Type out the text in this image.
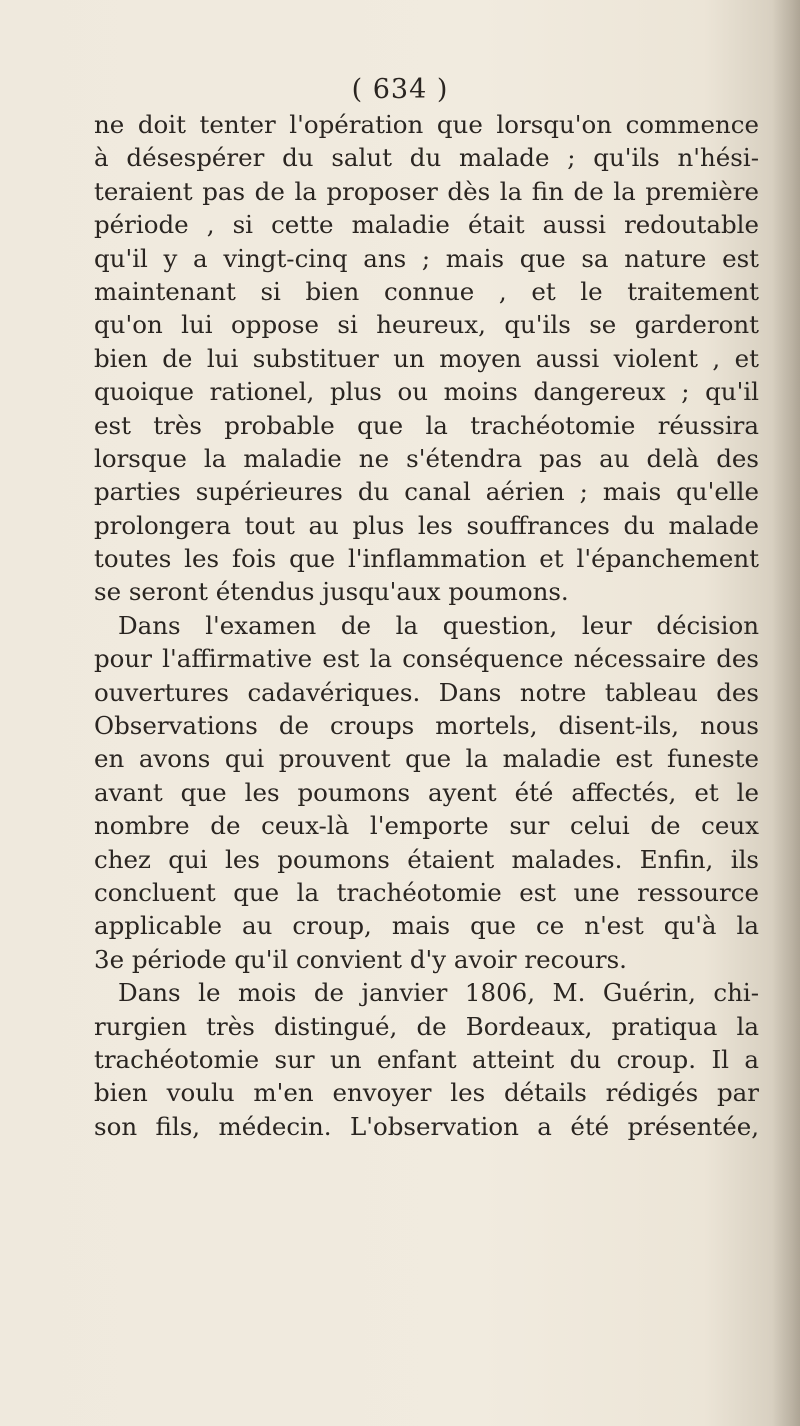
( 634 )
ne doit tenter l'opération que lorsqu'on commence
à désespérer du salut du malade ; qu'ils n'hési-
teraient pas de la proposer dès la fin de la première
période , si cette maladie était aussi redoutable
qu'il y a vingt-cinq ans ; mais que sa nature est
maintenant si bien connue , et le traitement
qu'on lui oppose si heureux, qu'ils se garderont
bien de lui substituer un moyen aussi violent , et
quoique rationel, plus ou moins dangereux ; qu'il
est très probable que la trachéotomie réussira
lorsque la maladie ne s'étendra pas au delà des
parties supérieures du canal aérien ; mais qu'elle
prolongera tout au plus les souffrances du malade
toutes les fois que l'inflammation et l'épanchement
se seront étendus jusqu'aux poumons.
Dans l'examen de la question, leur décision
pour l'affirmative est la conséquence nécessaire des
ouvertures cadavériques. Dans notre tableau des
Observations de croups mortels, disent-ils, nous
en avons qui prouvent que la maladie est funeste
avant que les poumons ayent été affectés, et le
nombre de ceux-là l'emporte sur celui de ceux
chez qui les poumons étaient malades. Enfin, ils
concluent que la trachéotomie est une ressource
applicable au croup, mais que ce n'est qu'à la
3e période qu'il convient d'y avoir recours.
Dans le mois de janvier 1806, M. Guérin, chi-
rurgien très distingué, de Bordeaux, pratiqua la
trachéotomie sur un enfant atteint du croup. Il a
bien voulu m'en envoyer les détails rédigés par
son fils, médecin. L'observation a été présentée,
